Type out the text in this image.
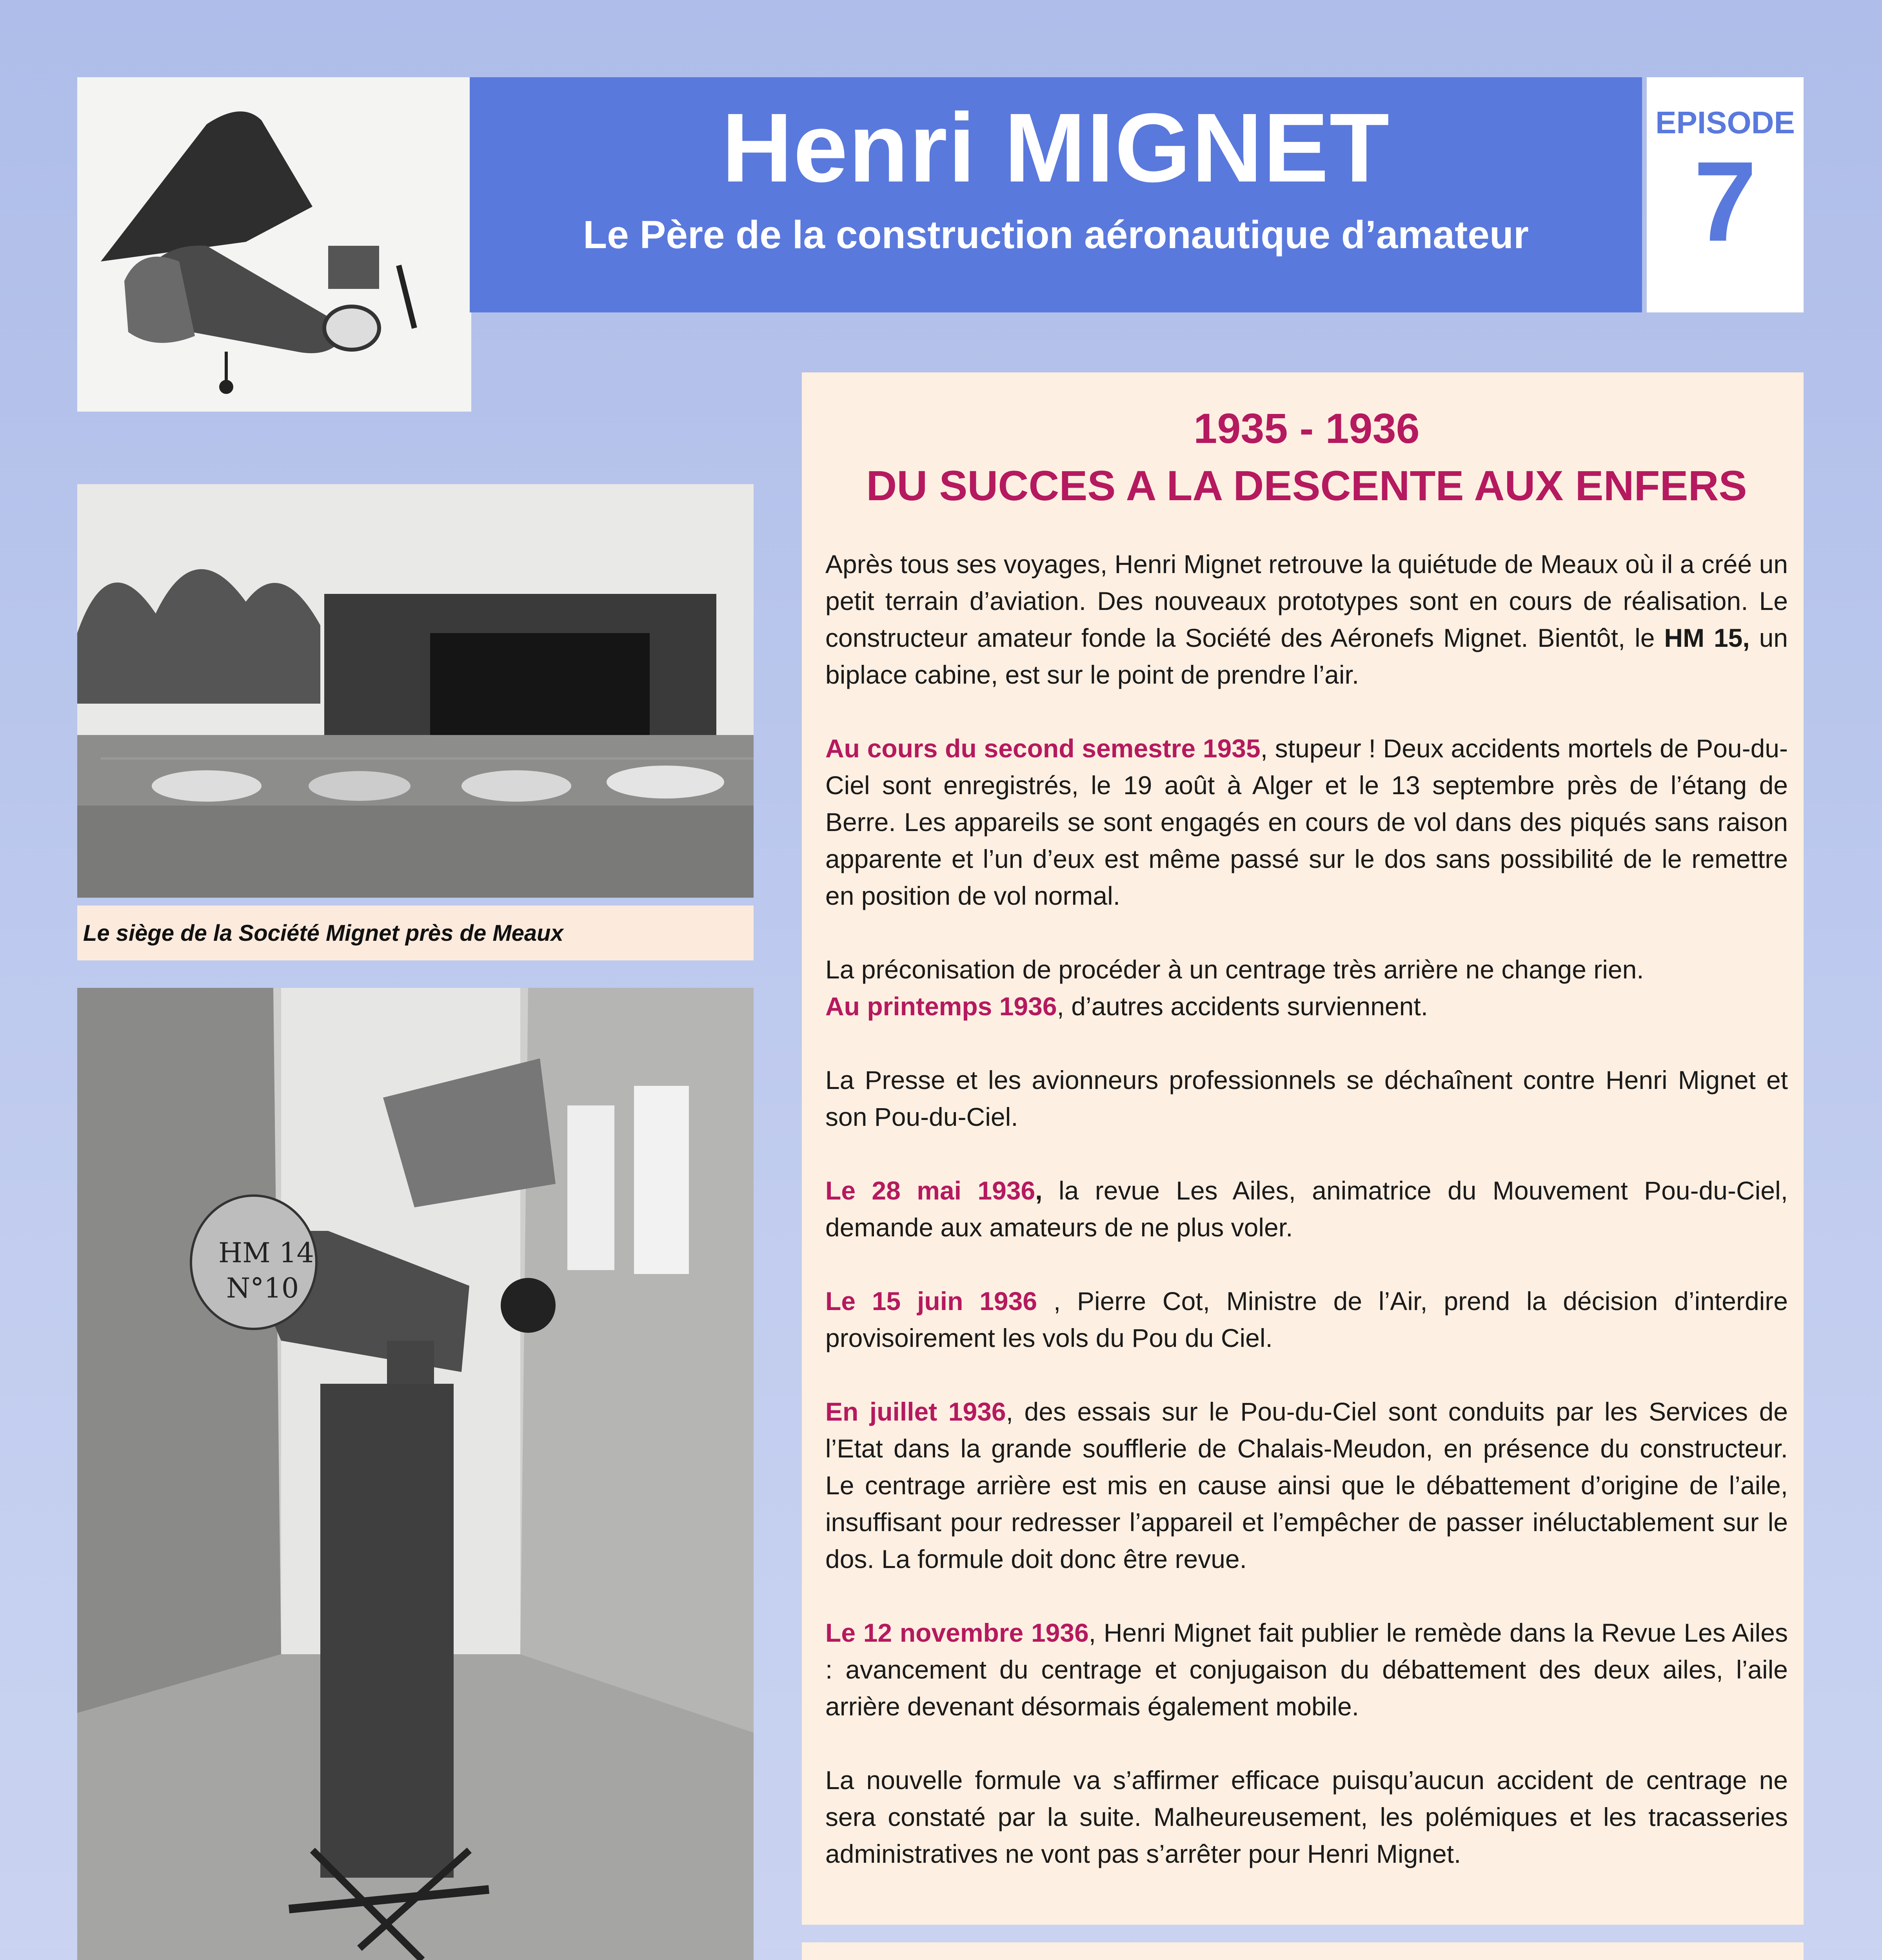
Henri MIGNET
Le Père de la construction aéronautique d’amateur
EPISODE
7
Le siège de la Société Mignet près de Meaux
HM 14
N°10
1935 - 1936
DU SUCCES A LA DESCENTE AUX ENFERS

Après tous ses voyages, Henri Mignet retrouve la quiétude de Meaux où il a créé un petit terrain d’aviation. Des nouveaux prototypes sont en cours de réalisation. Le constructeur amateur fonde la Société des Aéronefs Mignet. Bientôt, le HM 15, un biplace cabine, est sur le point de prendre l’air.

Au cours du second semestre 1935, stupeur ! Deux accidents mortels de Pou-du-Ciel sont enregistrés, le 19 août à Alger et le 13 septembre près de l’étang de Berre. Les appareils se sont engagés en cours de vol dans des piqués sans raison apparente et l’un d’eux est même passé sur le dos sans possibilité de le remettre en position de vol normal.

La préconisation de procéder à un centrage très arrière ne change rien.

Au printemps 1936, d’autres accidents surviennent.

La Presse et les avionneurs professionnels se déchaînent contre Henri Mignet et son Pou-du-Ciel.

Le 28 mai 1936, la revue Les Ailes, animatrice du Mouvement Pou-du-Ciel, demande aux amateurs de ne plus voler.

Le 15 juin 1936 , Pierre Cot, Ministre de l’Air, prend la décision d’interdire provisoirement les vols du Pou du Ciel.

En juillet 1936, des essais sur le Pou-du-Ciel sont conduits par les Services de l’Etat dans la grande soufflerie de Chalais-Meudon, en présence du constructeur. Le centrage arrière est mis en cause ainsi que le débattement d’origine de l’aile, insuffisant pour redresser l’appareil et l’empêcher de passer inéluctablement sur le dos. La formule doit donc être revue.

Le 12 novembre 1936, Henri Mignet fait publier le remède dans la Revue Les Ailes : avancement du centrage et conjugaison du débattement des deux ailes, l’aile arrière devenant désormais également mobile.

La nouvelle formule va s’affirmer efficace puisqu’aucun accident de centrage ne sera constaté par la suite. Malheureusement, les polémiques et les tracasseries administratives ne vont pas s’arrêter pour Henri Mignet.
